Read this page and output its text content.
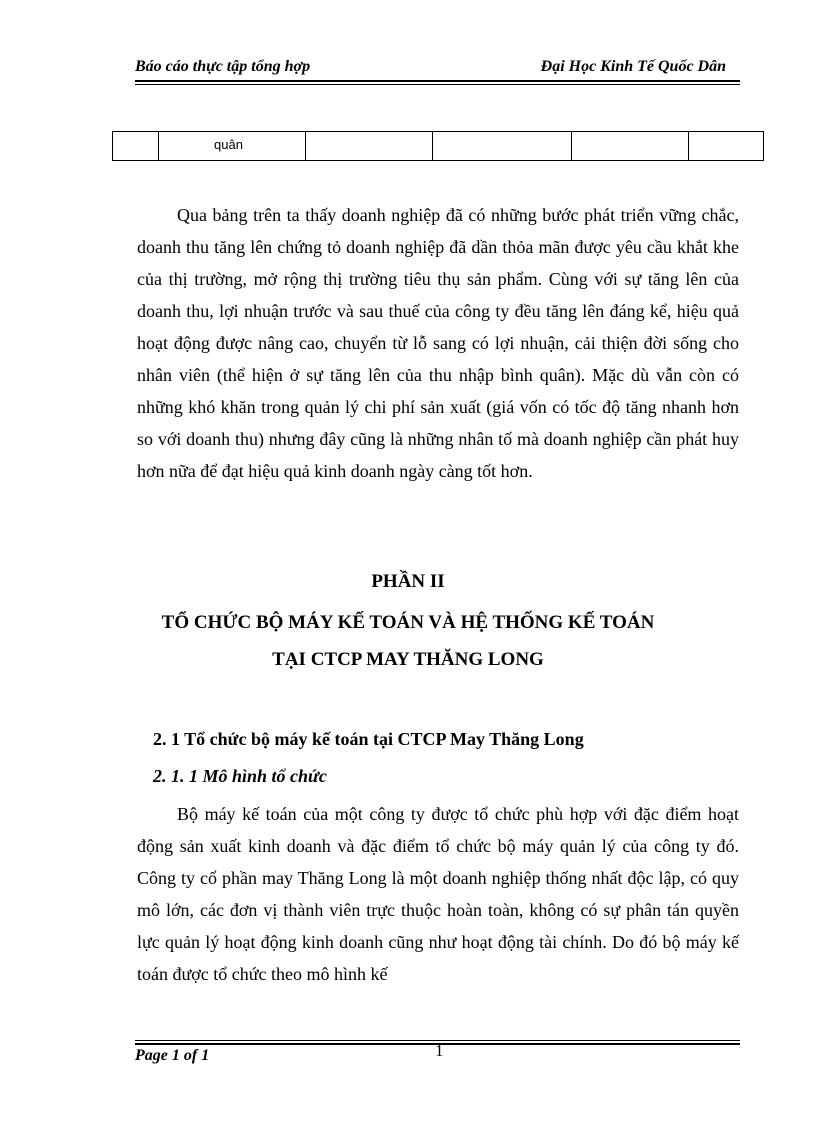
Báo cáo thực tập tổng hợp	Đại Học Kinh Tế Quốc Dân
	quân				

Qua bảng trên ta thấy doanh nghiệp đã có những bước phát triển vững chắc, doanh thu tăng lên chứng tỏ doanh nghiệp đã dần thỏa mãn được yêu cầu khắt khe của thị trường, mở rộng thị trường tiêu thụ sản phẩm. Cùng với sự tăng lên của doanh thu, lợi nhuận trước và sau thuế của công ty đều tăng lên đáng kể, hiệu quả hoạt động được nâng cao, chuyển từ lỗ sang có lợi nhuận, cải thiện đời sống cho nhân viên (thể hiện ở sự tăng lên của thu nhập bình quân). Mặc dù vẫn còn có những khó khăn trong quản lý chi phí sản xuất (giá vốn có tốc độ tăng nhanh hơn so với doanh thu) nhưng đây cũng là những nhân tố mà doanh nghiệp cần phát huy hơn nữa để đạt hiệu quả kinh doanh ngày càng tốt hơn.

PHẦN II

TỔ CHỨC BỘ MÁY KẾ TOÁN VÀ HỆ THỐNG KẾ TOÁN

TẠI CTCP MAY THĂNG LONG

2. 1 Tổ chức bộ máy kế toán tại CTCP May Thăng Long

2. 1. 1 Mô hình tổ chức

Bộ máy kế toán của một công ty được tổ chức phù hợp với đặc điểm hoạt động sản xuất kinh doanh và đặc điểm tổ chức bộ máy quản lý của công ty đó. Công ty cổ phần may Thăng Long là một doanh nghiệp thống nhất độc lập, có quy mô lớn, các đơn vị thành viên trực thuộc hoàn toàn, không có sự phân tán quyền lực quản lý hoạt động kinh doanh cũng như hoạt động tài chính. Do đó bộ máy kế toán được tổ chức theo mô hình kế

Page 1 of 1	1
